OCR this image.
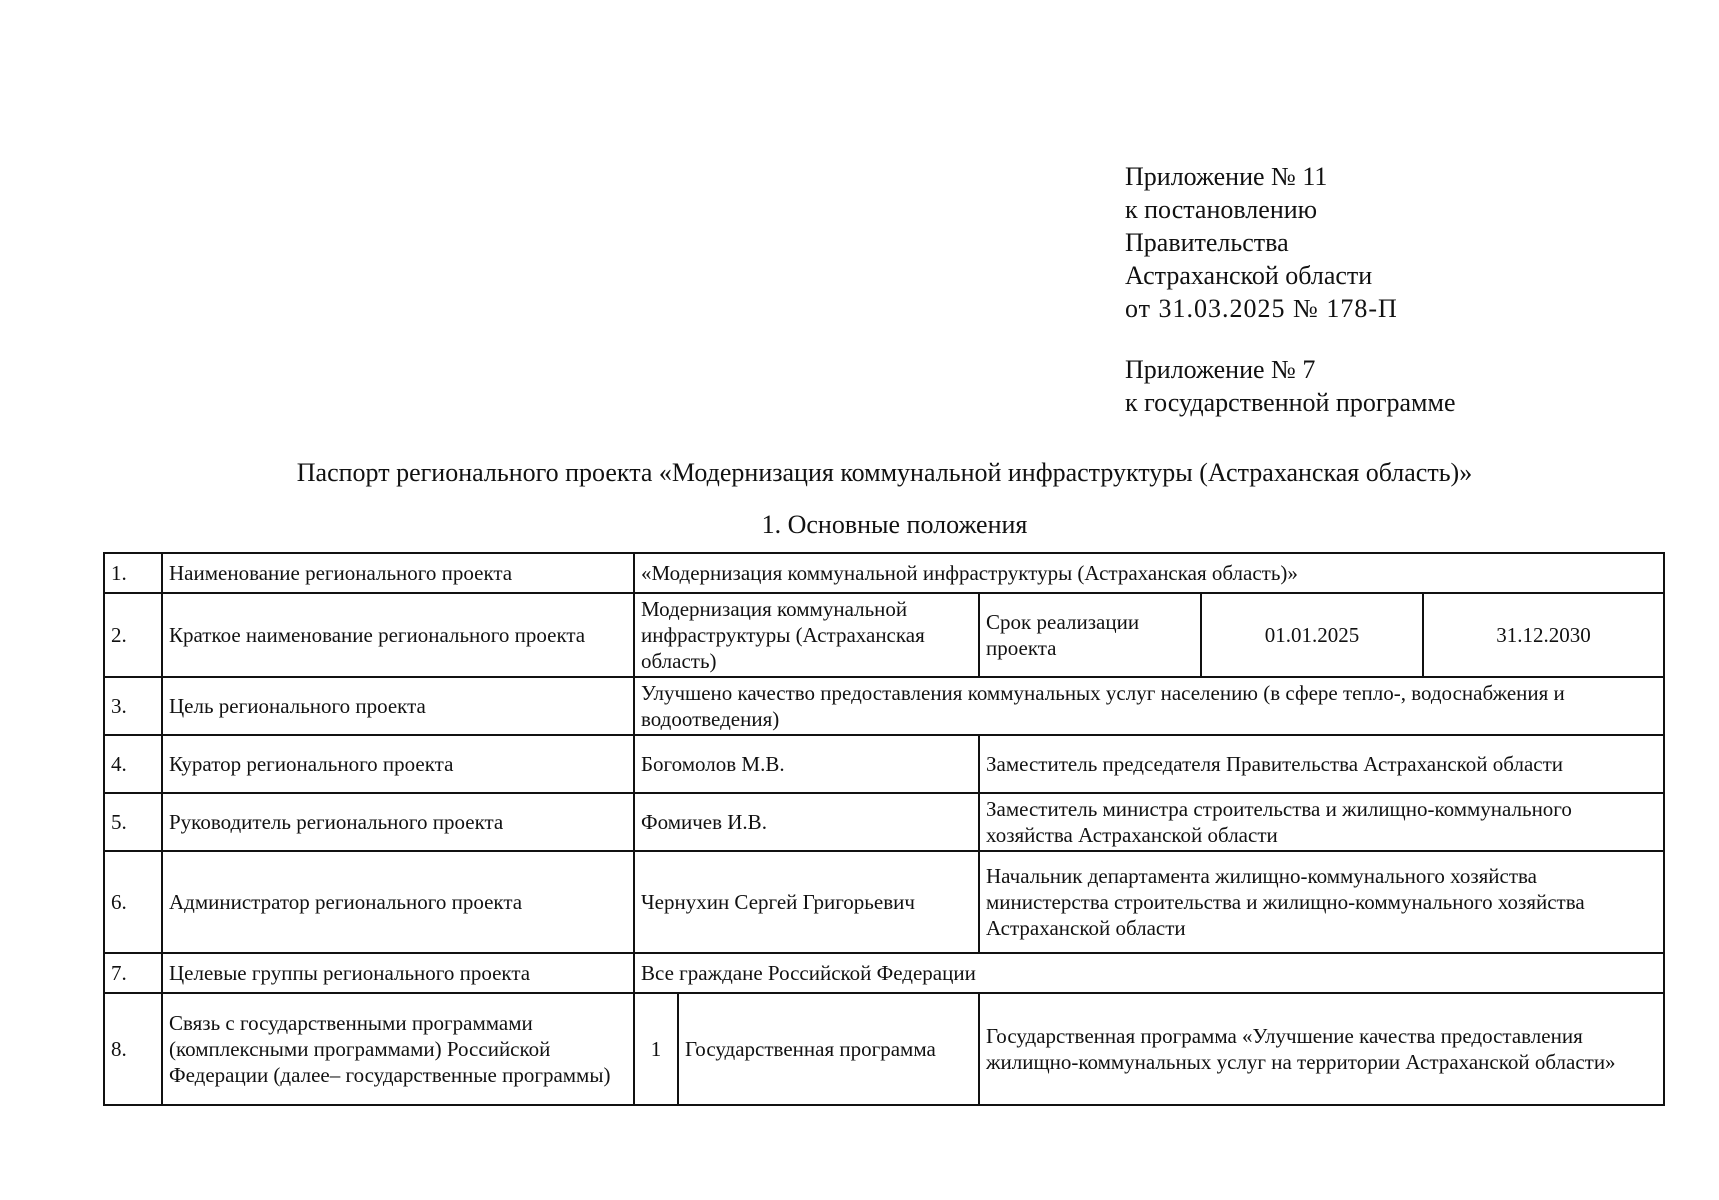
Приложение № 11
к постановлению
Правительства
Астраханской области
от 31.03.2025 № 178-П
Приложение № 7
к государственной программе
Паспорт регионального проекта «Модернизация коммунальной инфраструктуры (Астраханская область)»
1. Основные положения
1.	Наименование регионального проекта	«Модернизация коммунальной инфраструктуры (Астраханская область)»				
2.	Краткое наименование регионального проекта	Модернизация коммунальной инфраструктуры (Астраханская область)		Срок реализации проекта	01.01.2025	31.12.2030
3.	Цель регионального проекта	Улучшено качество предоставления коммунальных услуг населению (в сфере тепло-, водоснабжения и водоотведения)				
4.	Куратор регионального проекта	Богомолов М.В.		Заместитель председателя Правительства Астраханской области		
5.	Руководитель регионального проекта	Фомичев И.В.		Заместитель министра строительства и жилищно-коммунального хозяйства Астраханской области		
6.	Администратор регионального проекта	Чернухин Сергей Григорьевич		Начальник департамента жилищно-коммунального хозяйства министерства строительства и жилищно-коммунального хозяйства Астраханской области		
7.	Целевые группы регионального проекта	Все граждане Российской Федерации				
8.	Связь с государственными программами (комплексными программами) Российской Федерации (далее– государственные программы)	1	Государственная программа	Государственная программа «Улучшение качества предоставления жилищно-коммунальных услуг на территории Астраханской области»		
